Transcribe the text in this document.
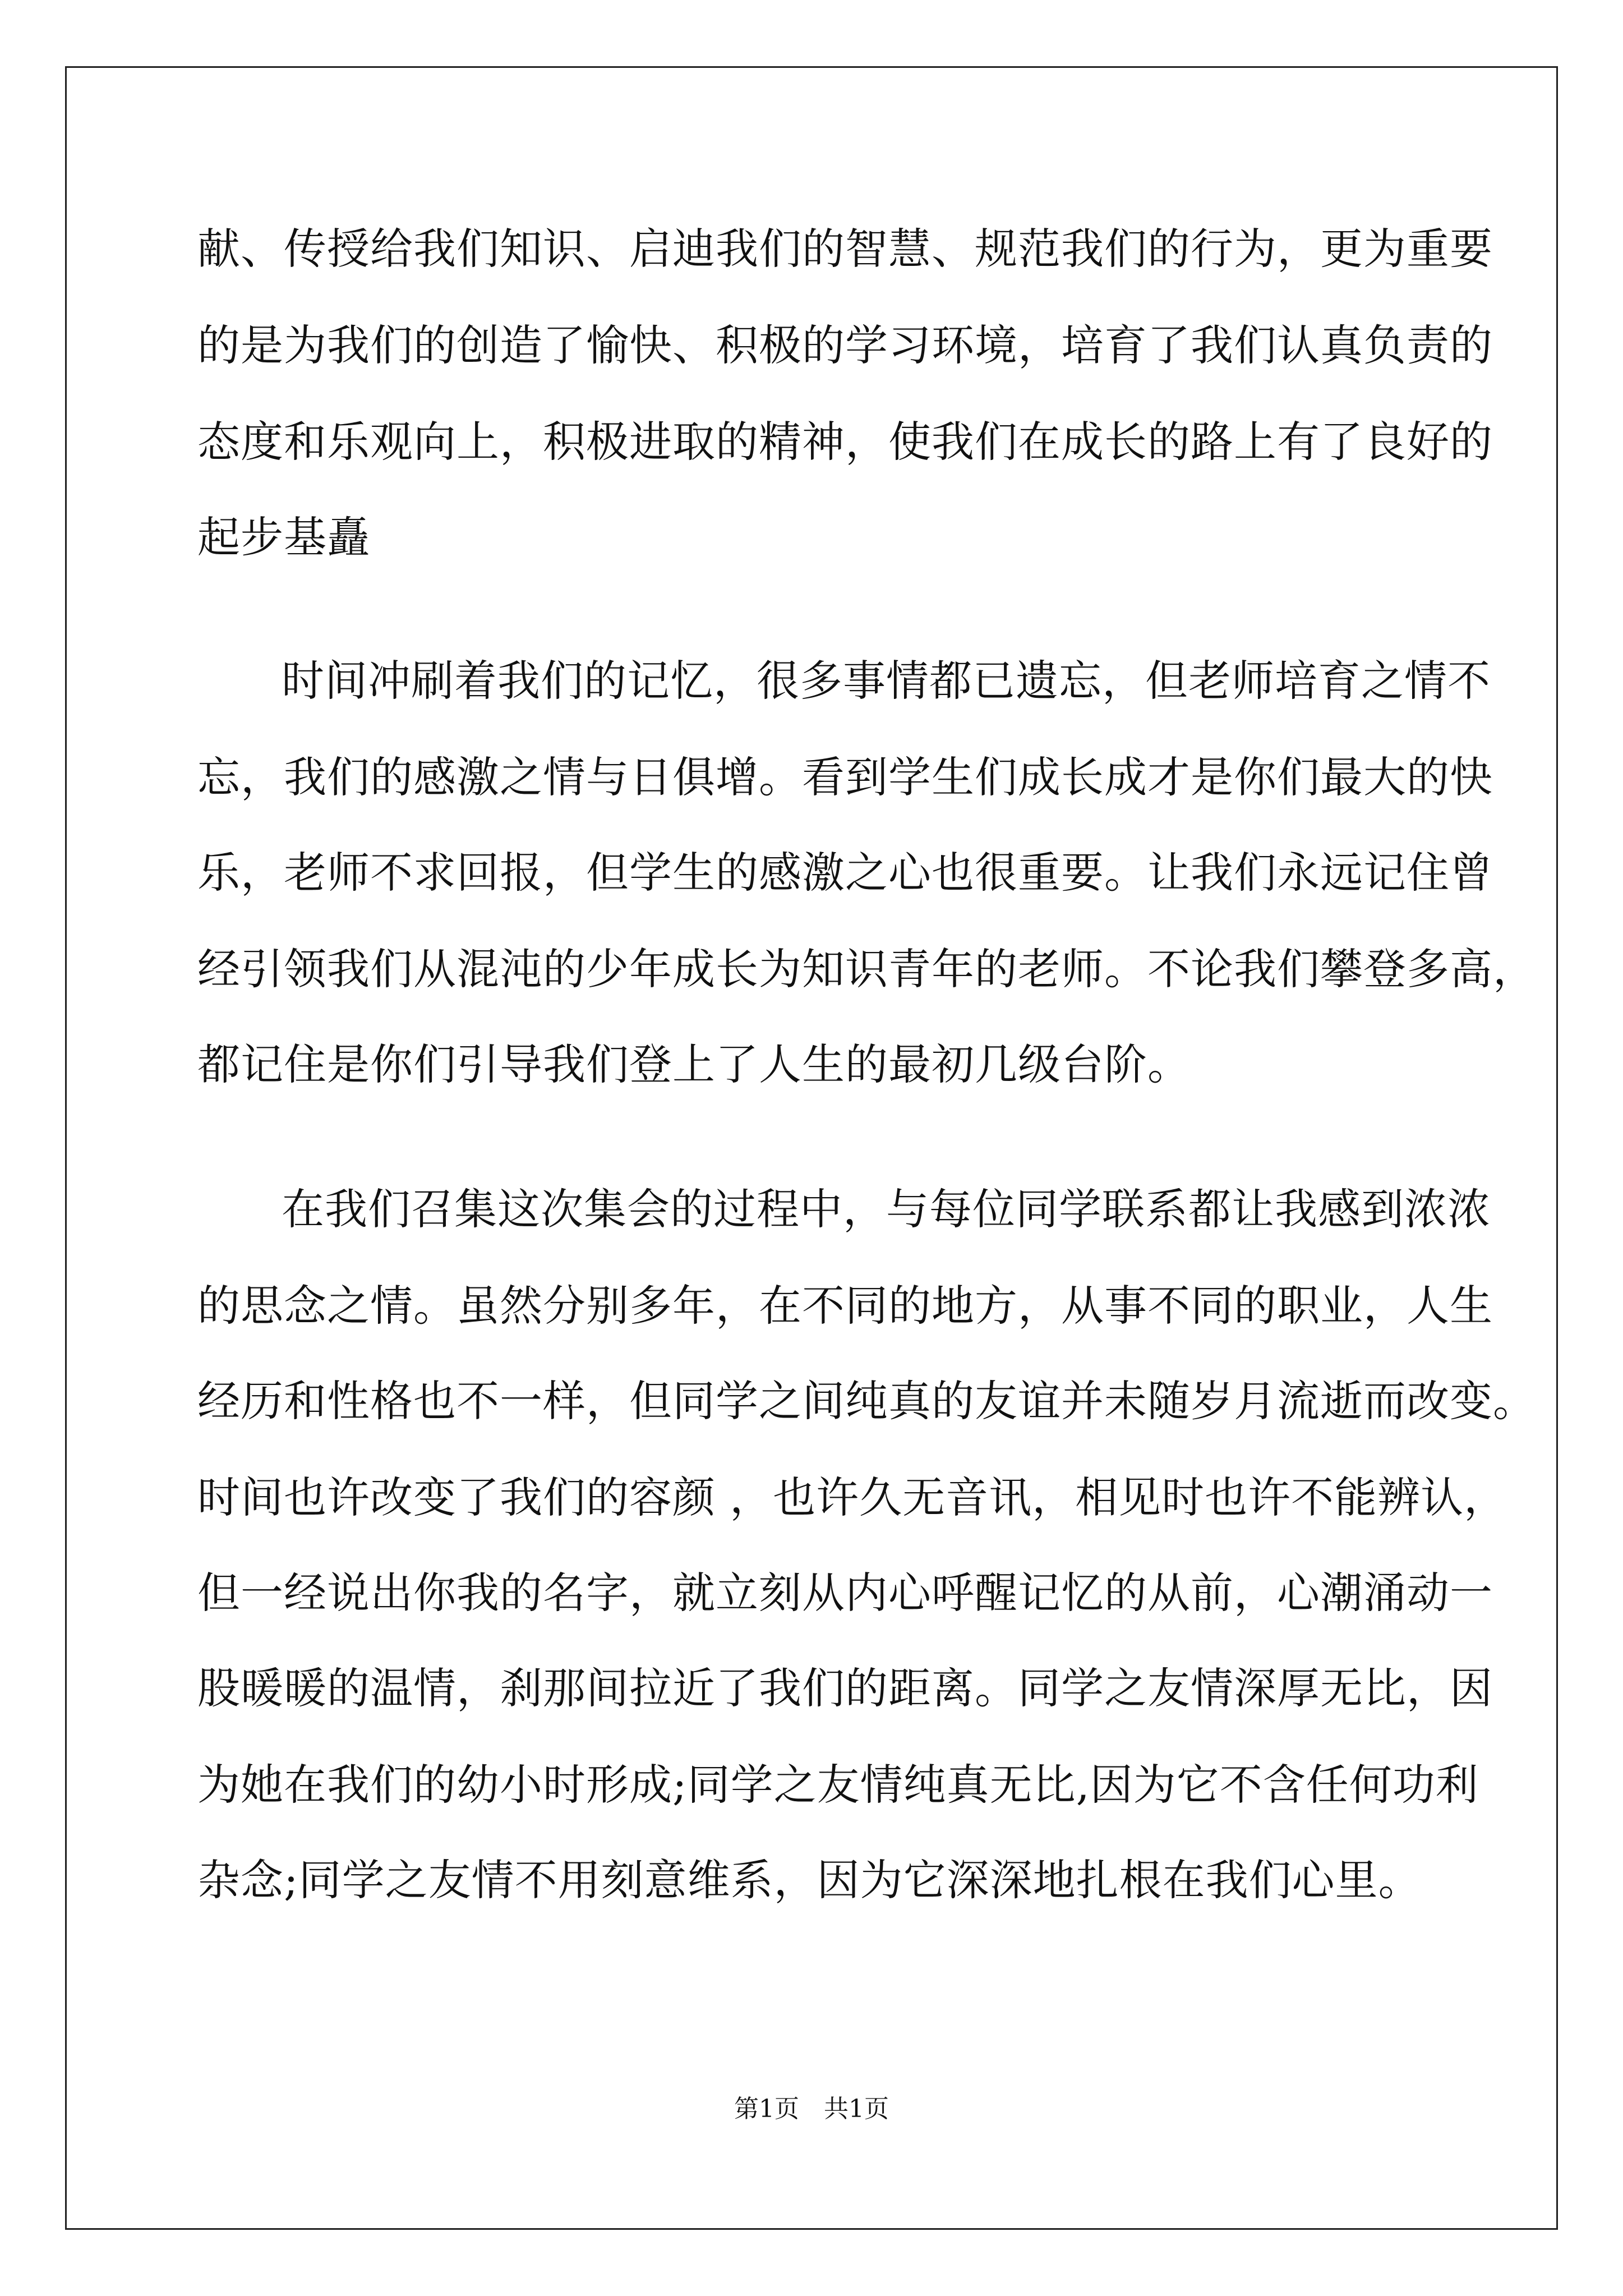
献、传授给我们知识、启迪我们的智慧、规范我们的行为，更为重要
的是为我们的创造了愉快、积极的学习环境，培育了我们认真负责的
态度和乐观向上，积极进取的精神，使我们在成长的路上有了良好的
起步基矗
时间冲刷着我们的记忆，很多事情都已遗忘，但老师培育之情不
忘，我们的感激之情与日俱增。看到学生们成长成才是你们最大的快
乐，老师不求回报，但学生的感激之心也很重要。让我们永远记住曾
经引领我们从混沌的少年成长为知识青年的老师。不论我们攀登多高，
都记住是你们引导我们登上了人生的最初几级台阶。
在我们召集这次集会的过程中，与每位同学联系都让我感到浓浓
的思念之情。虽然分别多年，在不同的地方，从事不同的职业，人生
经历和性格也不一样，但同学之间纯真的友谊并未随岁月流逝而改变。
时间也许改变了我们的容颜 ，也许久无音讯，相见时也许不能辨认，
但一经说出你我的名字，就立刻从内心呼醒记忆的从前，心潮涌动一
股暖暖的温情，刹那间拉近了我们的距离。同学之友情深厚无比，因
为她在我们的幼小时形成;同学之友情纯真无比,因为它不含任何功利
杂念;同学之友情不用刻意维系，因为它深深地扎根在我们心里。
第1页　共1页
